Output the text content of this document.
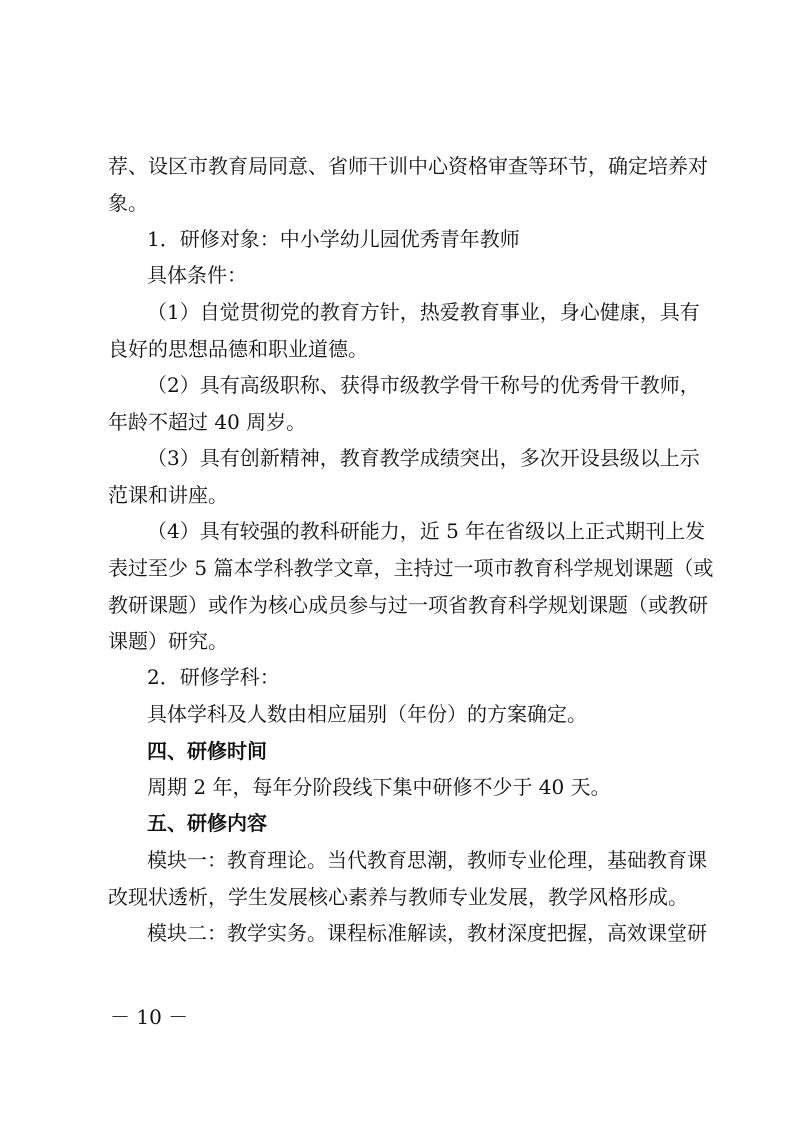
荐、设区市教育局同意、省师干训中心资格审查等环节，确定培养对
象。
1．研修对象：中小学幼儿园优秀青年教师
具体条件：
（1）自觉贯彻党的教育方针，热爱教育事业，身心健康，具有
良好的思想品德和职业道德。
（2）具有高级职称、获得市级教学骨干称号的优秀骨干教师，
年龄不超过 40 周岁。
（3）具有创新精神，教育教学成绩突出，多次开设县级以上示
范课和讲座。
（4）具有较强的教科研能力，近 5 年在省级以上正式期刊上发
表过至少 5 篇本学科教学文章，主持过一项市教育科学规划课题（或
教研课题）或作为核心成员参与过一项省教育科学规划课题（或教研
课题）研究。
2．研修学科：
具体学科及人数由相应届别（年份）的方案确定。
四、研修时间
周期 2 年，每年分阶段线下集中研修不少于 40 天。
五、研修内容
模块一：教育理论。当代教育思潮，教师专业伦理，基础教育课
改现状透析，学生发展核心素养与教师专业发展，教学风格形成。
模块二：教学实务。课程标准解读，教材深度把握，高效课堂研
－ 10 －
